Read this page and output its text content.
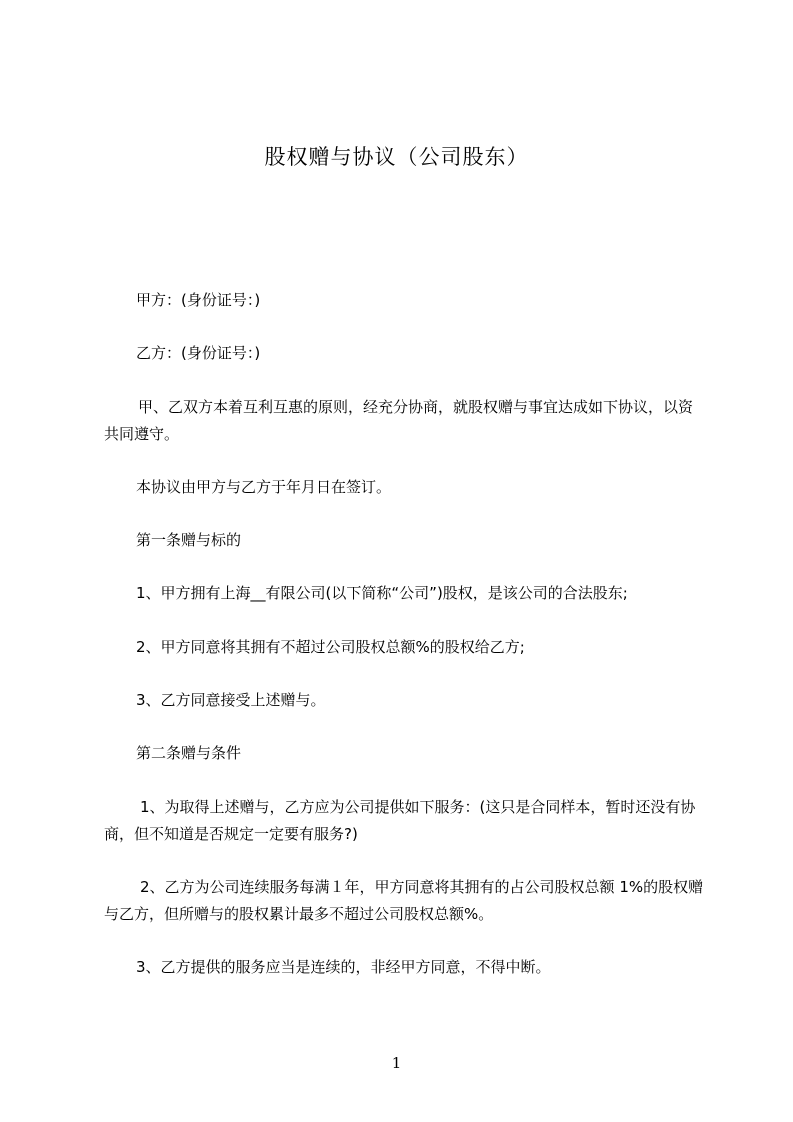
股权赠与协议（公司股东）

甲方：(身份证号：)

乙方：(身份证号：)

甲、乙双方本着互利互惠的原则，经充分协商，就股权赠与事宜达成如下协议，以资共同遵守。

本协议由甲方与乙方于年月日在签订。

第一条赠与标的

1、甲方拥有上海__有限公司(以下简称“公司”)股权，是该公司的合法股东;

2、甲方同意将其拥有不超过公司股权总额%的股权给乙方;

3、乙方同意接受上述赠与。

第二条赠与条件

1、为取得上述赠与，乙方应为公司提供如下服务：(这只是合同样本，暂时还没有协商，但不知道是否规定一定要有服务?)

2、乙方为公司连续服务每满１年，甲方同意将其拥有的占公司股权总额 1%的股权赠与乙方，但所赠与的股权累计最多不超过公司股权总额%。

3、乙方提供的服务应当是连续的，非经甲方同意，不得中断。

1
